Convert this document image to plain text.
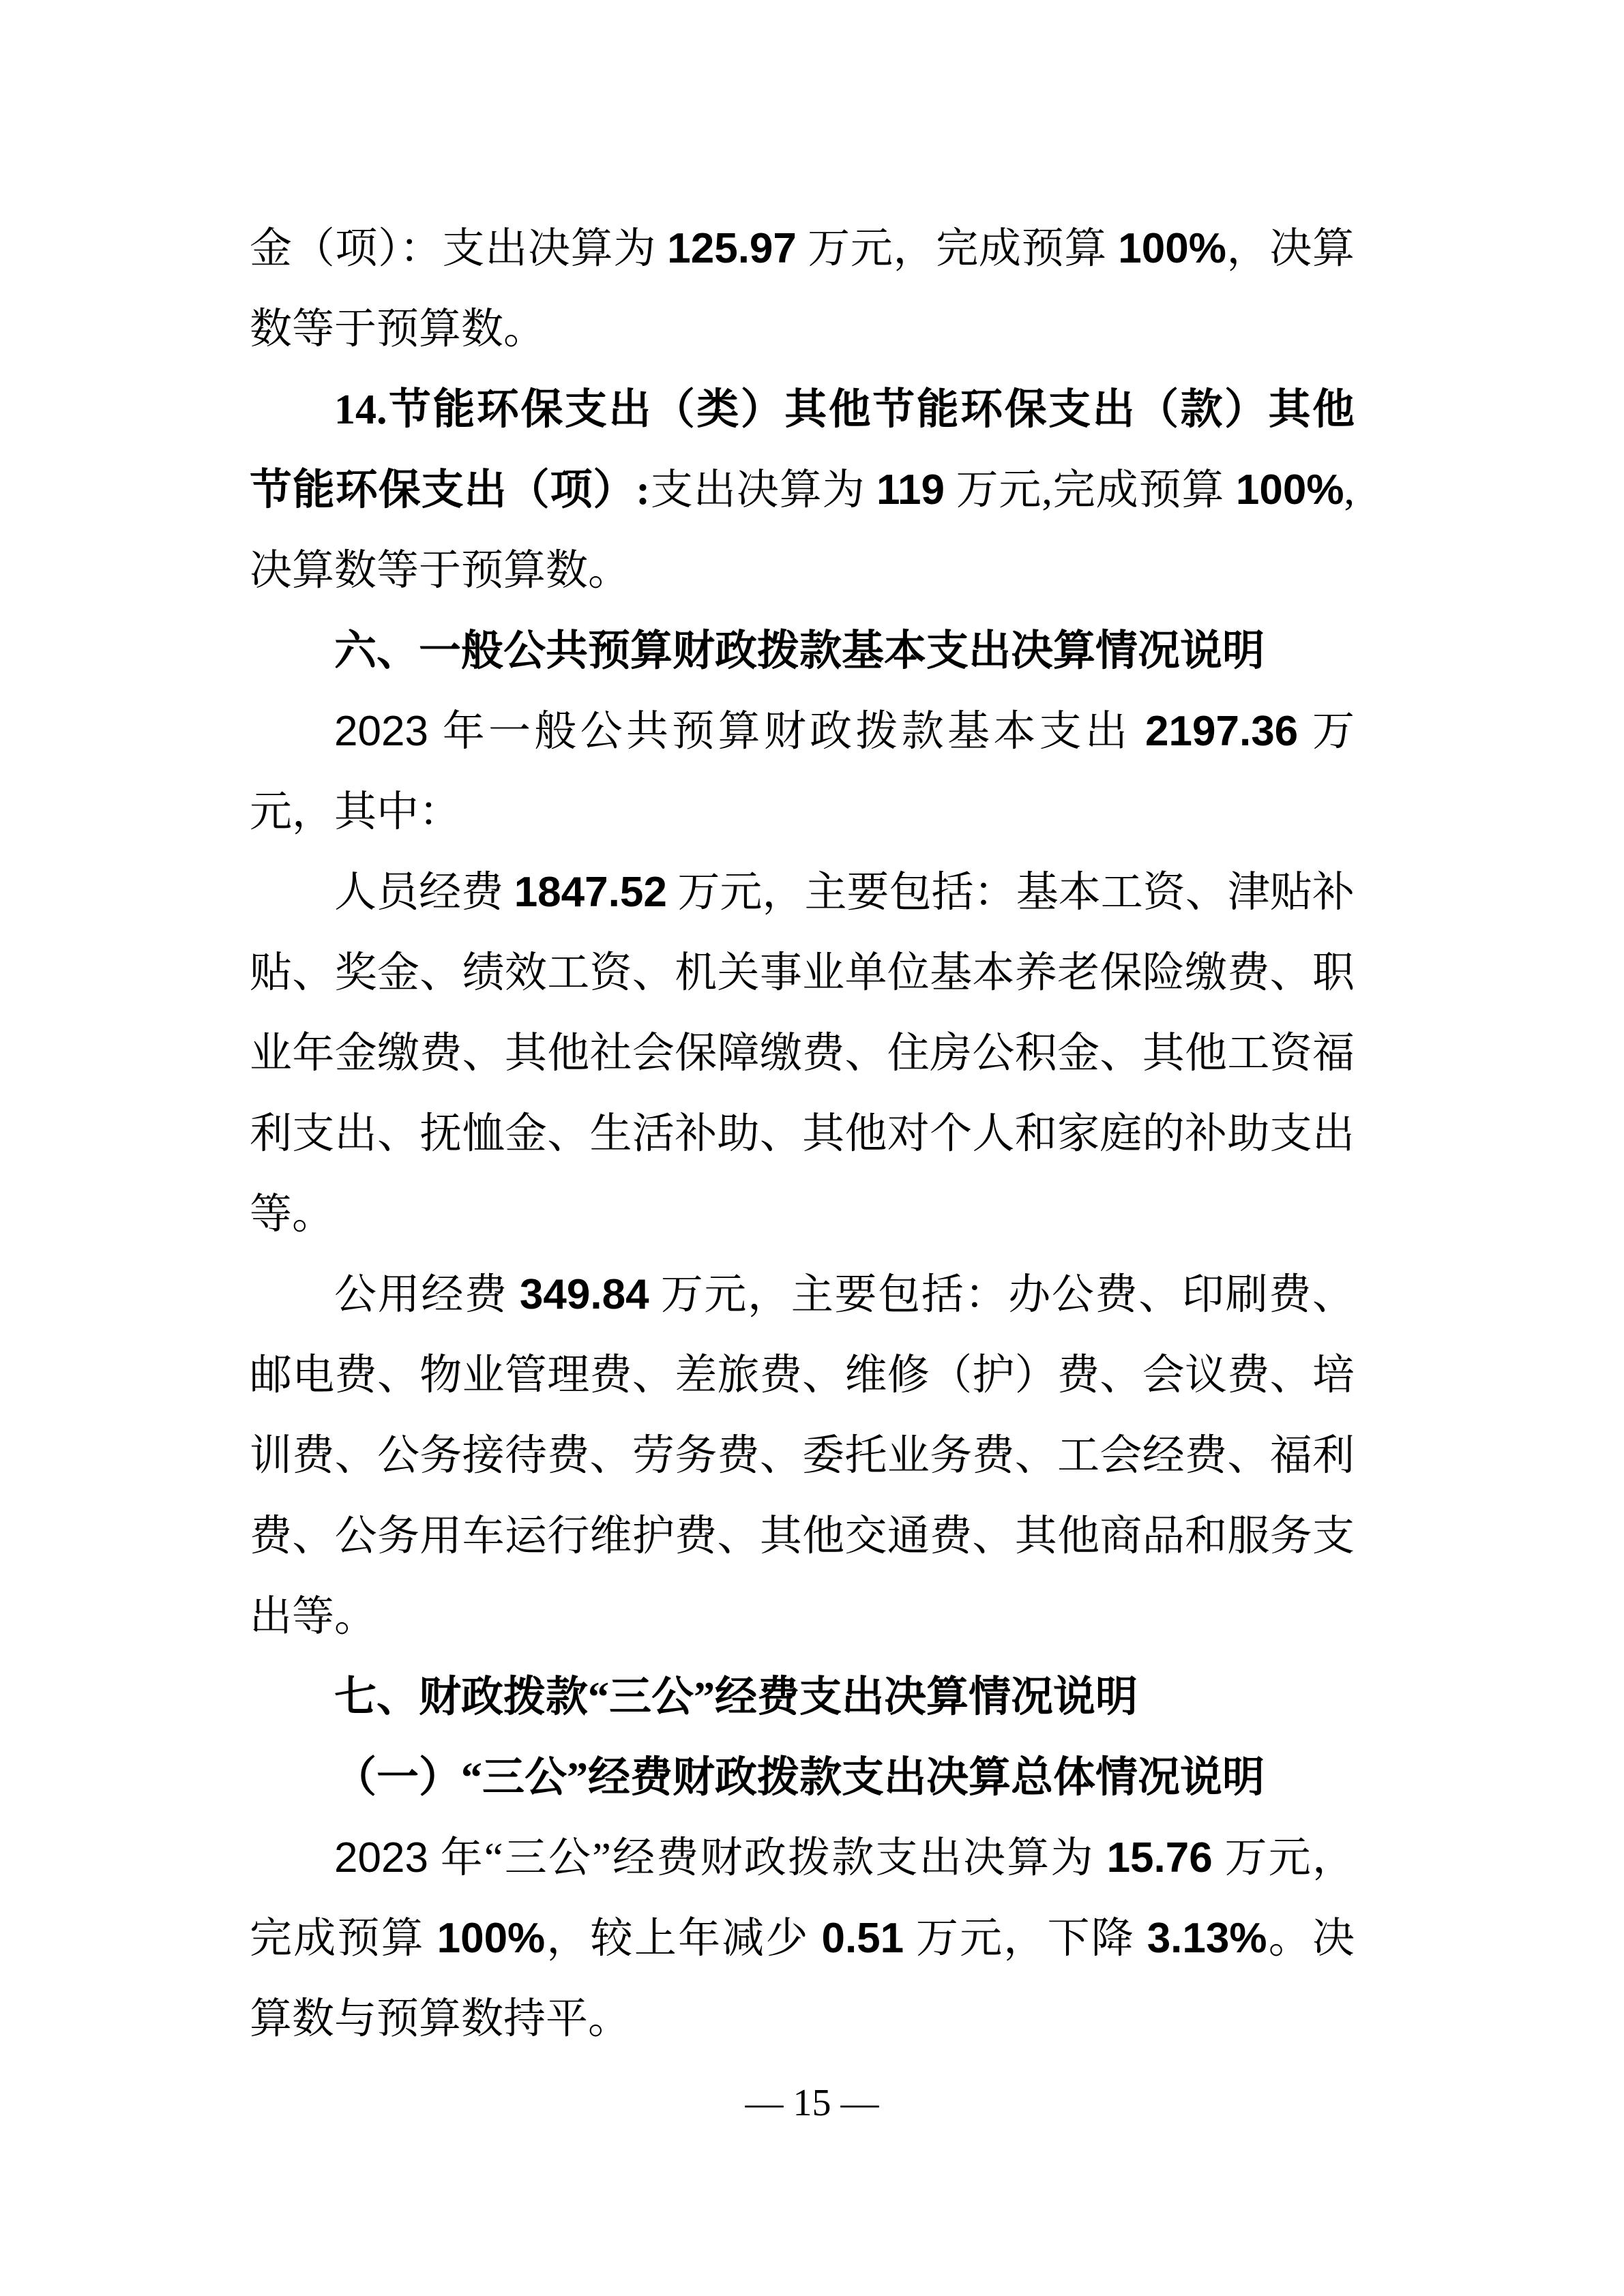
金（项）：支出决算为 125.97 万元，完成预算 100%，决算数等于预算数。

14.节能环保支出（类）其他节能环保支出（款）其他节能环保支出（项）:支出决算为 119 万元,完成预算 100%,决算数等于预算数。

六、一般公共预算财政拨款基本支出决算情况说明

2023 年一般公共预算财政拨款基本支出 2197.36 万元，其中：

人员经费 1847.52 万元，主要包括：基本工资、津贴补贴、奖金、绩效工资、机关事业单位基本养老保险缴费、职业年金缴费、其他社会保障缴费、住房公积金、其他工资福利支出、抚恤金、生活补助、其他对个人和家庭的补助支出等。

公用经费 349.84 万元，主要包括：办公费、印刷费、邮电费、物业管理费、差旅费、维修（护）费、会议费、培训费、公务接待费、劳务费、委托业务费、工会经费、福利费、公务用车运行维护费、其他交通费、其他商品和服务支出等。

七、财政拨款“三公”经费支出决算情况说明

（一）“三公”经费财政拨款支出决算总体情况说明

2023 年“三公”经费财政拨款支出决算为 15.76 万元，完成预算 100%，较上年减少 0.51 万元，下降 3.13%。决算数与预算数持平。

— 15 —
